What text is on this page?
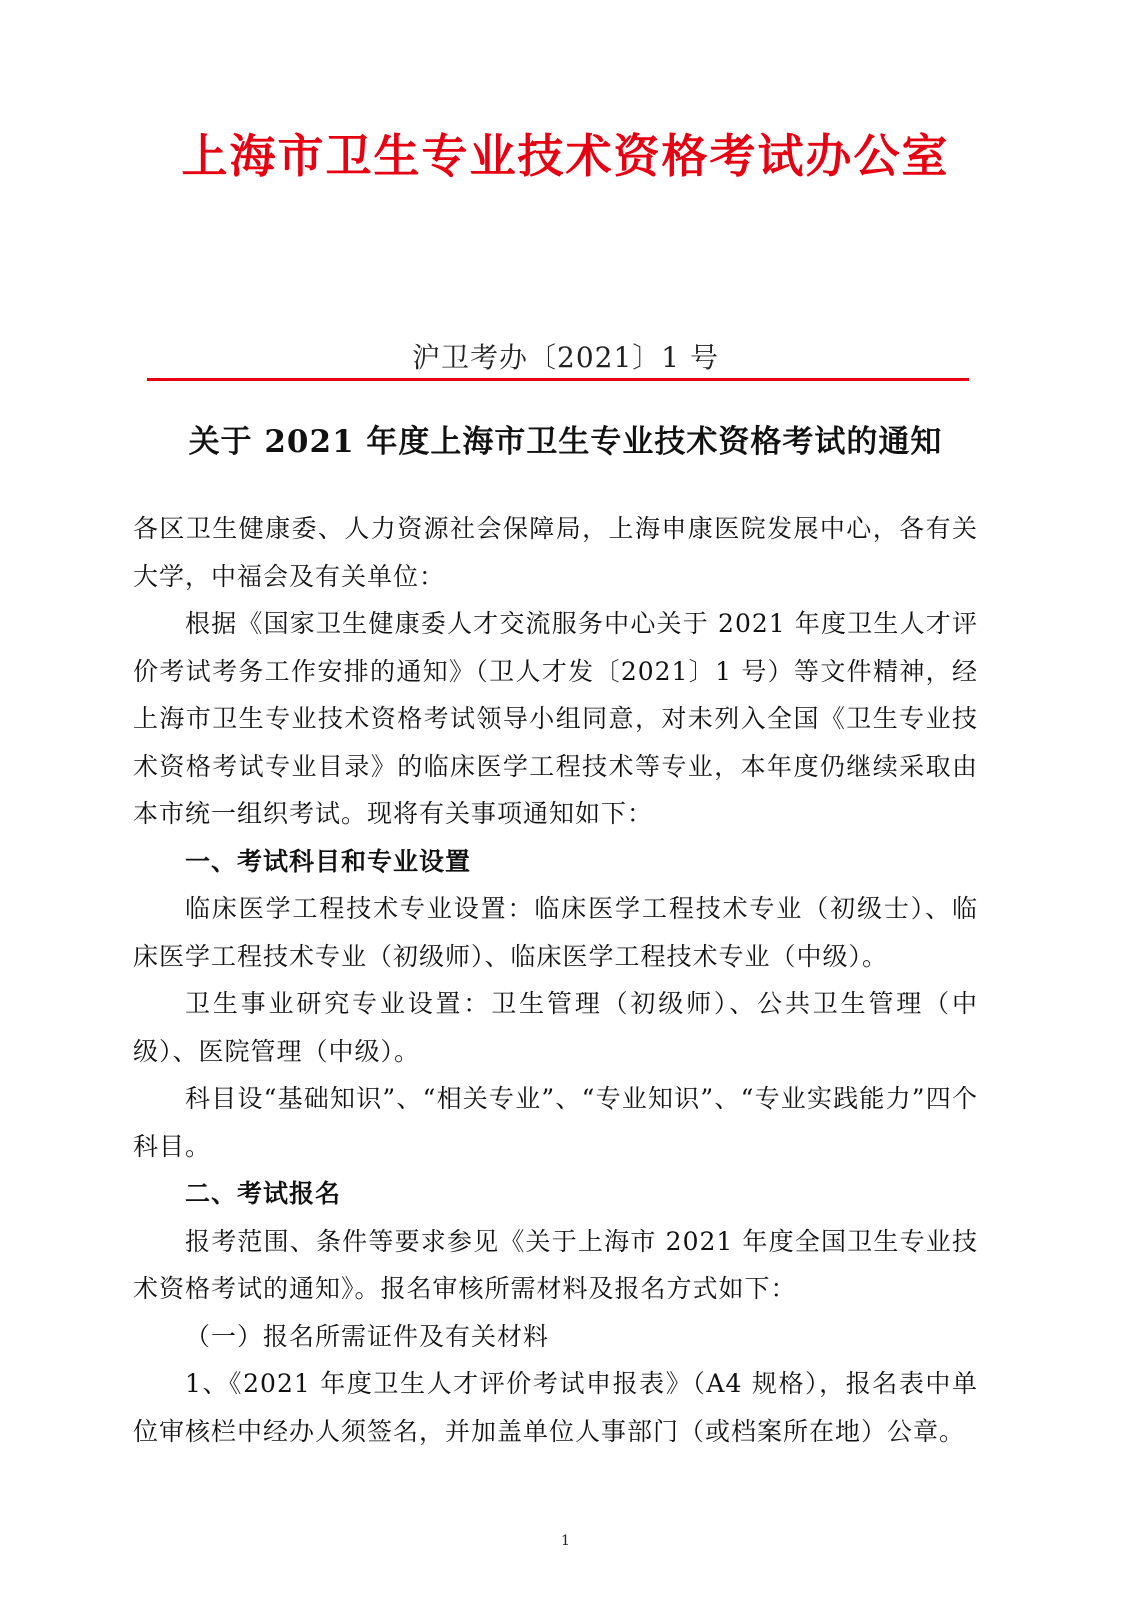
上海市卫生专业技术资格考试办公室
沪卫考办〔2021〕1 号
关于 2021 年度上海市卫生专业技术资格考试的通知

各区卫生健康委、人力资源社会保障局，上海申康医院发展中心，各有关大学，中福会及有关单位：

根据《国家卫生健康委人才交流服务中心关于 2021 年度卫生人才评价考试考务工作安排的通知》（卫人才发〔2021〕1 号）等文件精神，经上海市卫生专业技术资格考试领导小组同意，对未列入全国《卫生专业技术资格考试专业目录》的临床医学工程技术等专业，本年度仍继续采取由本市统一组织考试。现将有关事项通知如下：

一、考试科目和专业设置

临床医学工程技术专业设置：临床医学工程技术专业（初级士）、临床医学工程技术专业（初级师）、临床医学工程技术专业（中级）。

卫生事业研究专业设置：卫生管理（初级师）、公共卫生管理（中级）、医院管理（中级）。

科目设“基础知识”、“相关专业”、“专业知识”、“专业实践能力”四个科目。

二、考试报名

报考范围、条件等要求参见《关于上海市 2021 年度全国卫生专业技术资格考试的通知》。报名审核所需材料及报名方式如下：

（一）报名所需证件及有关材料

1、《2021 年度卫生人才评价考试申报表》（A4 规格），报名表中单位审核栏中经办人须签名，并加盖单位人事部门（或档案所在地）公章。

1
